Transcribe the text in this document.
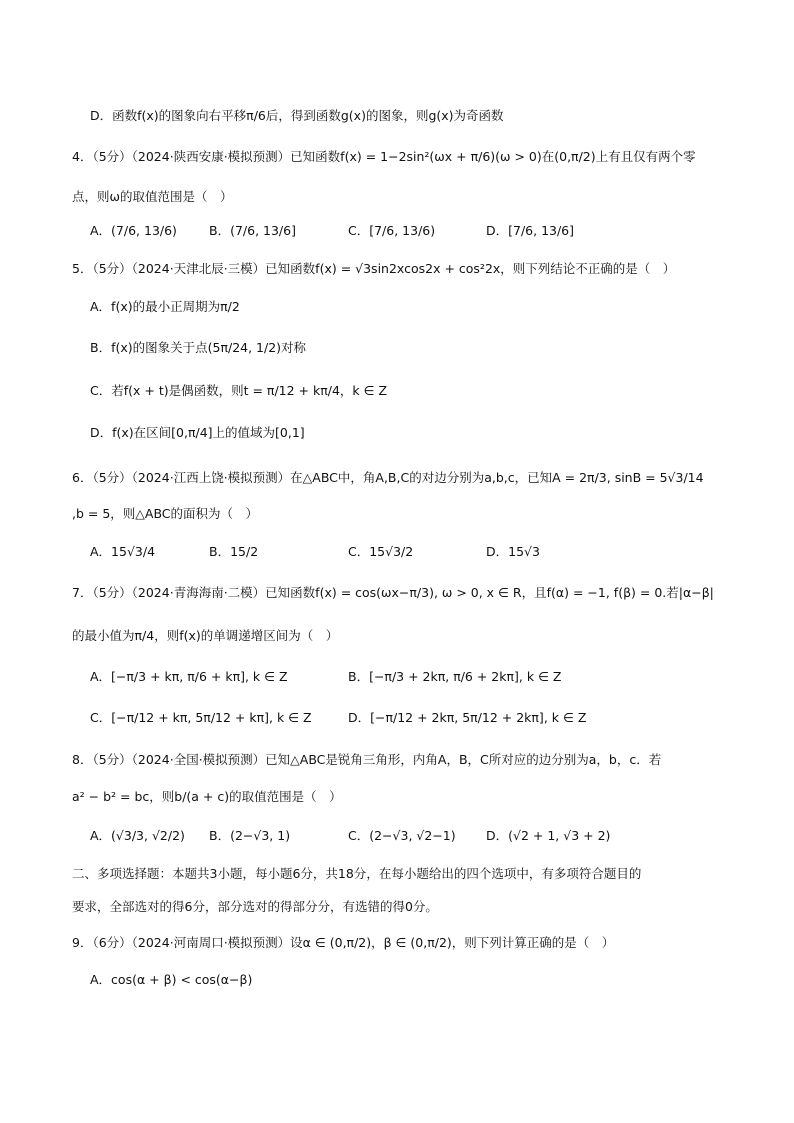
D．函数f(x)的图象向右平移π/6后，得到函数g(x)的图象，则g(x)为奇函数
4．（5分）（2024·陕西安康·模拟预测）已知函数f(x) = 1−2sin²(ωx + π/6)(ω > 0)在(0,π/2)上有且仅有两个零
点，则ω的取值范围是（　）
A．(7/6, 13/6)	B．(7/6, 13/6]	C．[7/6, 13/6)	D．[7/6, 13/6]
5．（5分）（2024·天津北辰·三模）已知函数f(x) = √3sin2xcos2x + cos²2x，则下列结论不正确的是（　）
A．f(x)的最小正周期为π/2
B．f(x)的图象关于点(5π/24, 1/2)对称
C．若f(x + t)是偶函数，则t = π/12 + kπ/4，k ∈ Z
D．f(x)在区间[0,π/4]上的值域为[0,1]
6．（5分）（2024·江西上饶·模拟预测）在△ABC中，角A,B,C的对边分别为a,b,c，已知A = 2π/3, sinB = 5√3/14
,b = 5，则△ABC的面积为（　）
A．15√3/4	B．15/2	C．15√3/2	D．15√3
7．（5分）（2024·青海海南·二模）已知函数f(x) = cos(ωx−π/3), ω > 0, x ∈ R，且f(α) = −1, f(β) = 0.若|α−β|
的最小值为π/4，则f(x)的单调递增区间为（　）
A．[−π/3 + kπ, π/6 + kπ], k ∈ Z	B．[−π/3 + 2kπ, π/6 + 2kπ], k ∈ Z
C．[−π/12 + kπ, 5π/12 + kπ], k ∈ Z	D．[−π/12 + 2kπ, 5π/12 + 2kπ], k ∈ Z
8．（5分）（2024·全国·模拟预测）已知△ABC是锐角三角形，内角A，B，C所对应的边分别为a，b，c．若
a² − b² = bc，则b/(a + c)的取值范围是（　）
A．(√3/3, √2/2) B．(2−√3, 1)	C．(2−√3, √2−1) D．(√2 + 1, √3 + 2)
二、多项选择题：本题共3小题，每小题6分，共18分，在每小题给出的四个选项中，有多项符合题目的
要求，全部选对的得6分，部分选对的得部分分，有选错的得0分。
9．（6分）（2024·河南周口·模拟预测）设α ∈ (0,π/2)，β ∈ (0,π/2)，则下列计算正确的是（　）
A．cos(α + β) < cos(α−β)
